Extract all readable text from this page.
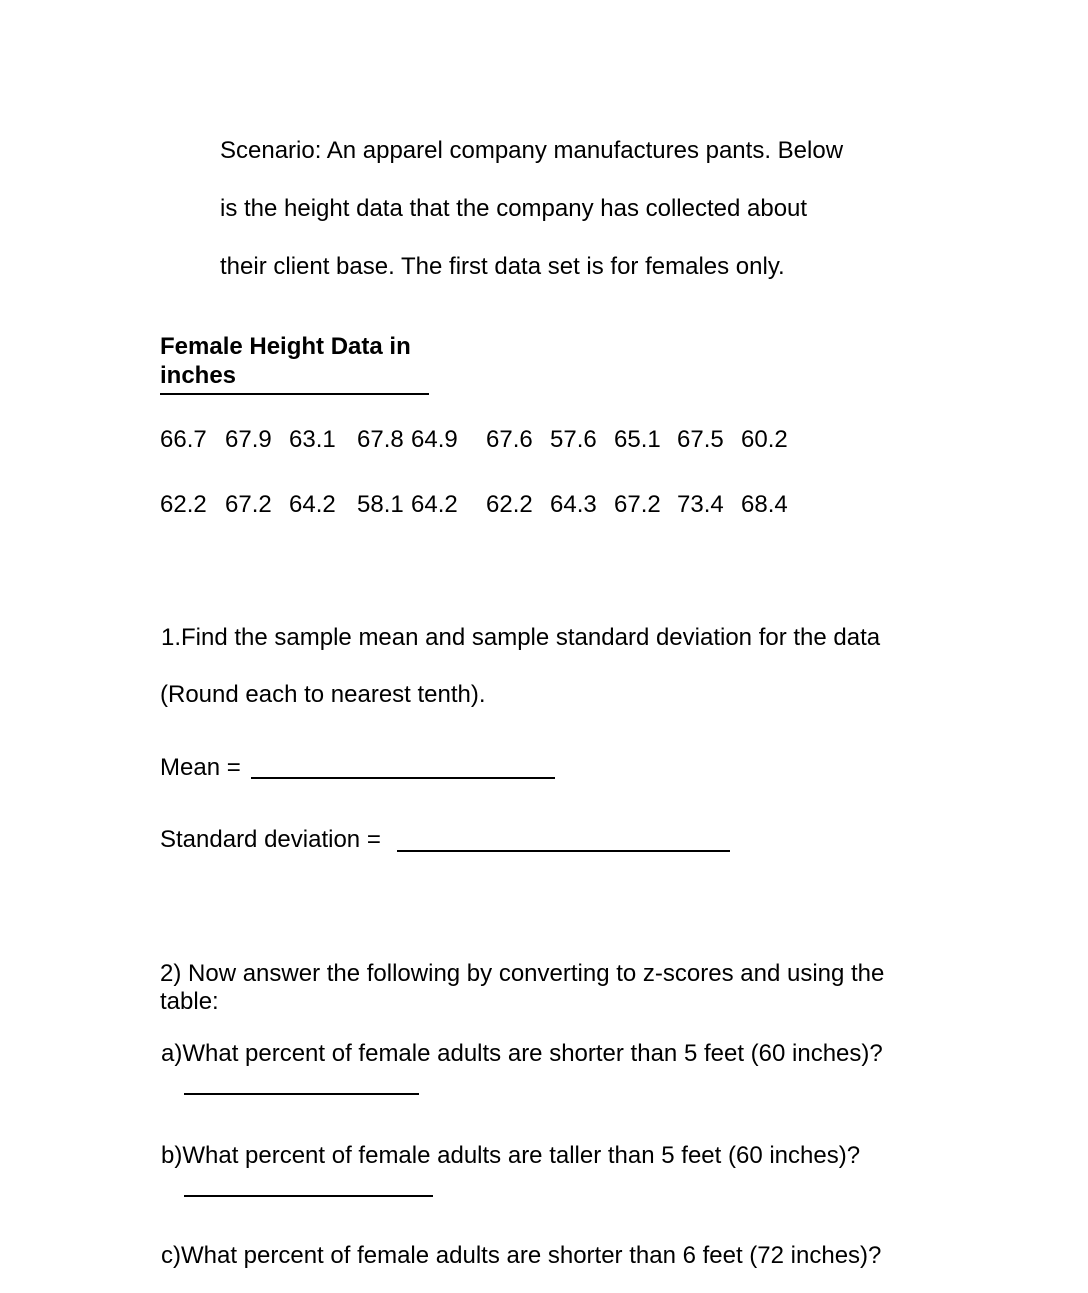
Scenario: An apparel company manufactures pants. Below
is the height data that the company has collected about
their client base. The first data set is for females only.
Female Height Data in inches
66.7 67.9 63.1 67.8 64.9 67.6 57.6 65.1 67.5 60.2
62.2 67.2 64.2 58.1 64.2 62.2 64.3 67.2 73.4 68.4
1.Find the sample mean and sample standard deviation for the data
(Round each to nearest tenth).
Mean =
Standard deviation =
2) Now answer the following by converting to z-scores and using the table:
a)What percent of female adults are shorter than 5 feet (60 inches)?
b)What percent of female adults are taller than 5 feet (60 inches)?
c)What percent of female adults are shorter than 6 feet (72 inches)?
